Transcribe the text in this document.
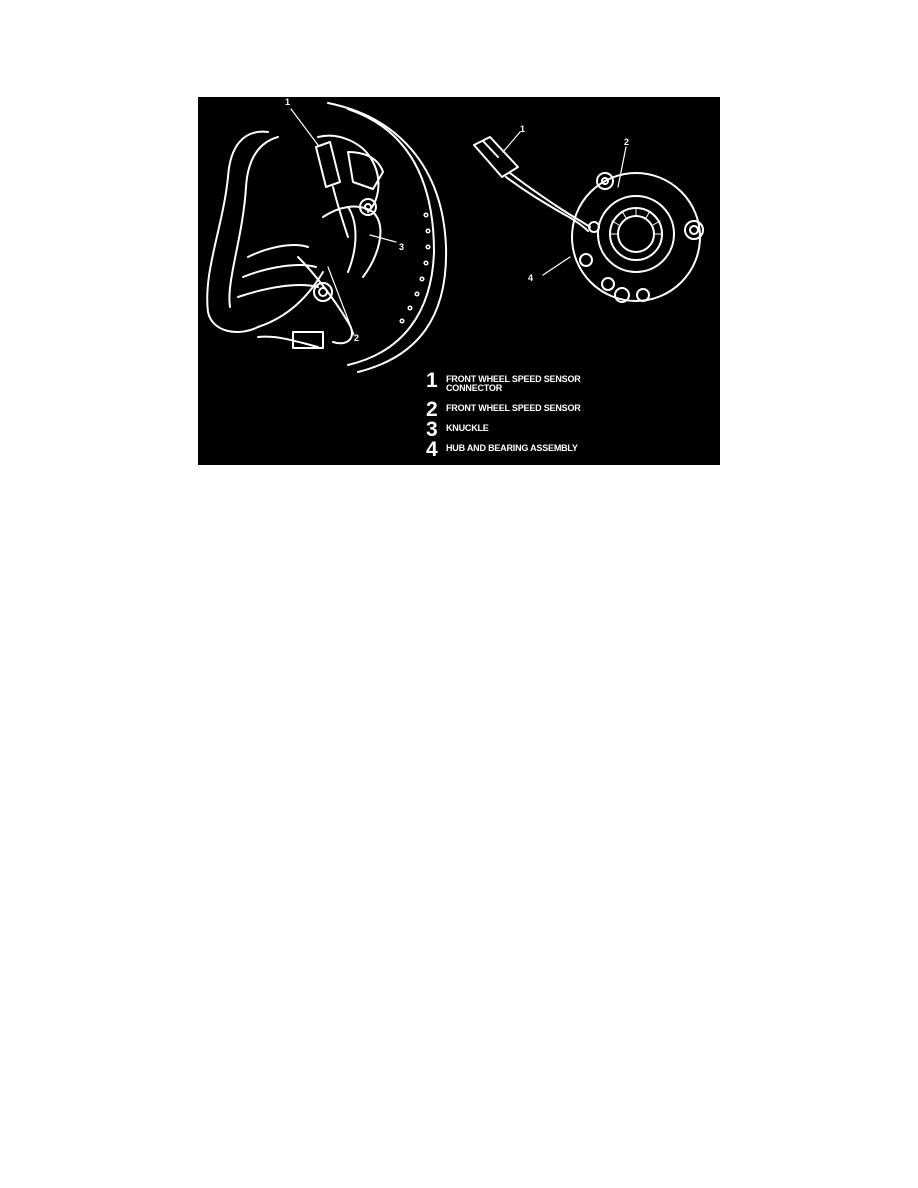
1
2
3
1
2
4
1 FRONT WHEEL SPEED SENSOR
CONNECTOR
2 FRONT WHEEL SPEED SENSOR
3 KNUCKLE
4 HUB AND BEARING ASSEMBLY
